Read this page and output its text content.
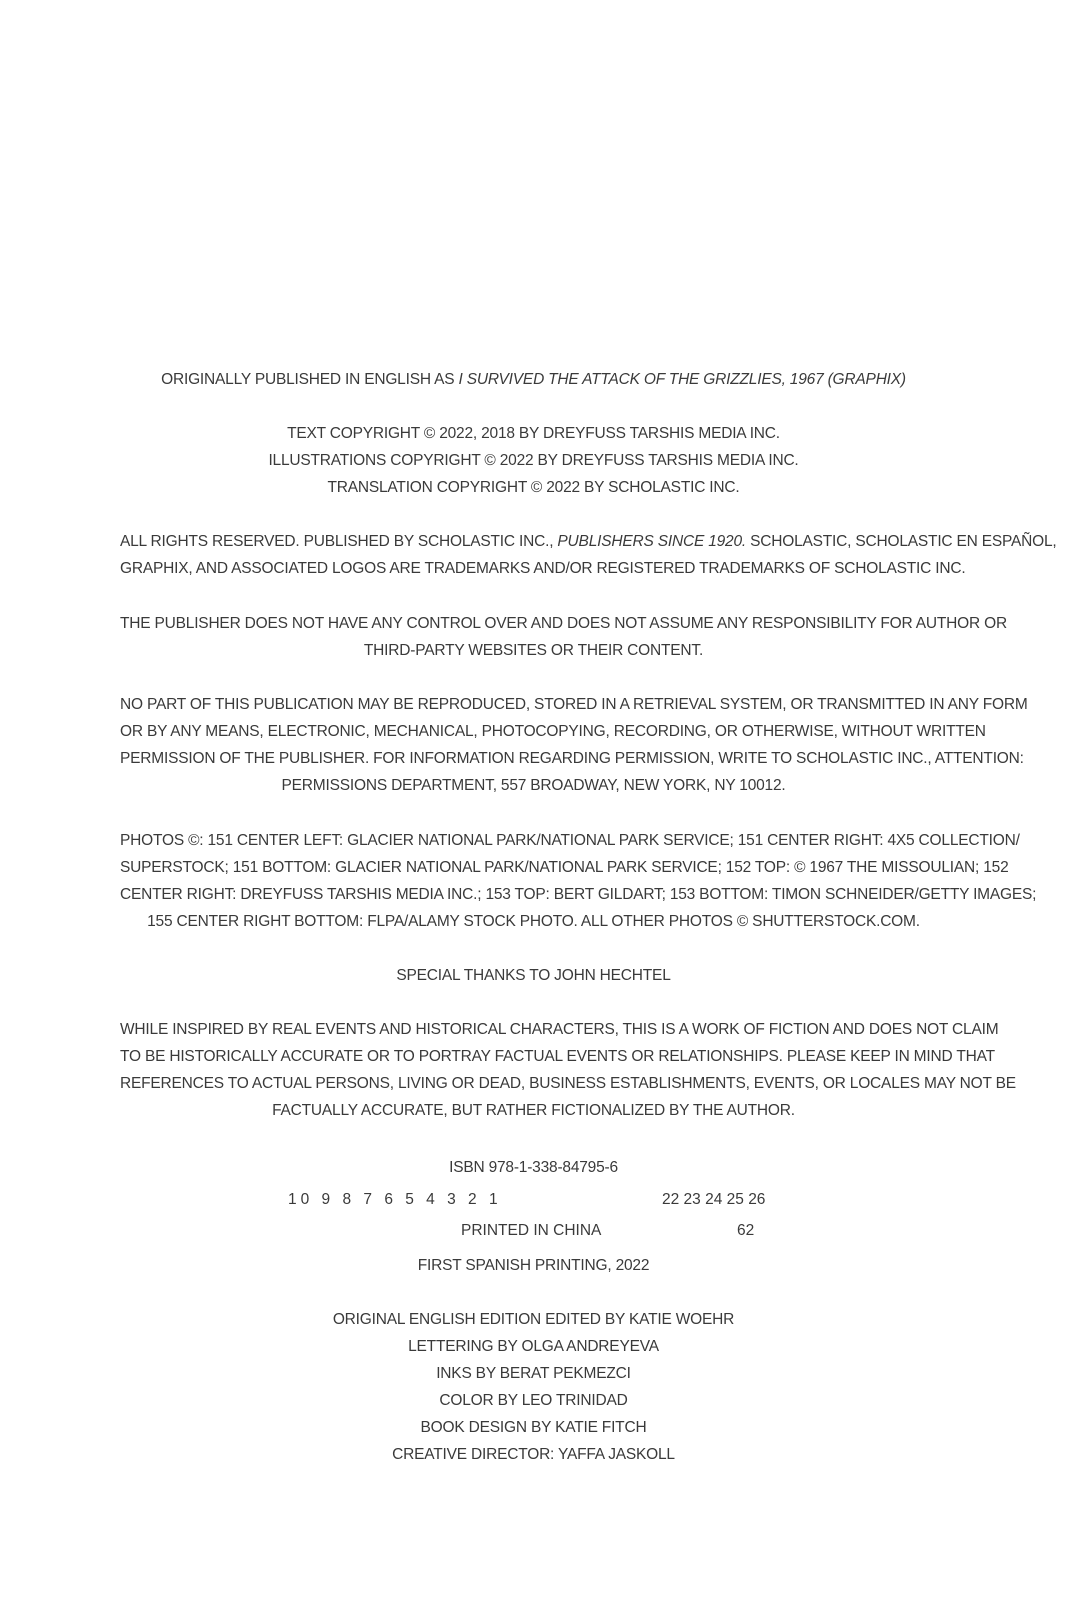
ORIGINALLY PUBLISHED IN ENGLISH AS I SURVIVED THE ATTACK OF THE GRIZZLIES, 1967 (GRAPHIX)
TEXT COPYRIGHT © 2022, 2018 BY DREYFUSS TARSHIS MEDIA INC.
ILLUSTRATIONS COPYRIGHT © 2022 BY DREYFUSS TARSHIS MEDIA INC.
TRANSLATION COPYRIGHT © 2022 BY SCHOLASTIC INC.
ALL RIGHTS RESERVED. PUBLISHED BY SCHOLASTIC INC., PUBLISHERS SINCE 1920. SCHOLASTIC, SCHOLASTIC EN ESPAÑOL,
GRAPHIX, AND ASSOCIATED LOGOS ARE TRADEMARKS AND/OR REGISTERED TRADEMARKS OF SCHOLASTIC INC.
THE PUBLISHER DOES NOT HAVE ANY CONTROL OVER AND DOES NOT ASSUME ANY RESPONSIBILITY FOR AUTHOR OR
THIRD-PARTY WEBSITES OR THEIR CONTENT.
NO PART OF THIS PUBLICATION MAY BE REPRODUCED, STORED IN A RETRIEVAL SYSTEM, OR TRANSMITTED IN ANY FORM
OR BY ANY MEANS, ELECTRONIC, MECHANICAL, PHOTOCOPYING, RECORDING, OR OTHERWISE, WITHOUT WRITTEN
PERMISSION OF THE PUBLISHER. FOR INFORMATION REGARDING PERMISSION, WRITE TO SCHOLASTIC INC., ATTENTION:
PERMISSIONS DEPARTMENT, 557 BROADWAY, NEW YORK, NY 10012.
PHOTOS ©: 151 CENTER LEFT: GLACIER NATIONAL PARK/NATIONAL PARK SERVICE; 151 CENTER RIGHT: 4X5 COLLECTION/
SUPERSTOCK; 151 BOTTOM: GLACIER NATIONAL PARK/NATIONAL PARK SERVICE; 152 TOP: © 1967 THE MISSOULIAN; 152
CENTER RIGHT: DREYFUSS TARSHIS MEDIA INC.; 153 TOP: BERT GILDART; 153 BOTTOM: TIMON SCHNEIDER/GETTY IMAGES;
155 CENTER RIGHT BOTTOM: FLPA/ALAMY STOCK PHOTO. ALL OTHER PHOTOS © SHUTTERSTOCK.COM.
SPECIAL THANKS TO JOHN HECHTEL
WHILE INSPIRED BY REAL EVENTS AND HISTORICAL CHARACTERS, THIS IS A WORK OF FICTION AND DOES NOT CLAIM
TO BE HISTORICALLY ACCURATE OR TO PORTRAY FACTUAL EVENTS OR RELATIONSHIPS. PLEASE KEEP IN MIND THAT
REFERENCES TO ACTUAL PERSONS, LIVING OR DEAD, BUSINESS ESTABLISHMENTS, EVENTS, OR LOCALES MAY NOT BE
FACTUALLY ACCURATE, BUT RATHER FICTIONALIZED BY THE AUTHOR.
ISBN 978-1-338-84795-6
10 9 8 7 6 5 4 3 2 1	22 23 24 25 26
PRINTED IN CHINA	62
FIRST SPANISH PRINTING, 2022
ORIGINAL ENGLISH EDITION EDITED BY KATIE WOEHR
LETTERING BY OLGA ANDREYEVA
INKS BY BERAT PEKMEZCI
COLOR BY LEO TRINIDAD
BOOK DESIGN BY KATIE FITCH
CREATIVE DIRECTOR: YAFFA JASKOLL
